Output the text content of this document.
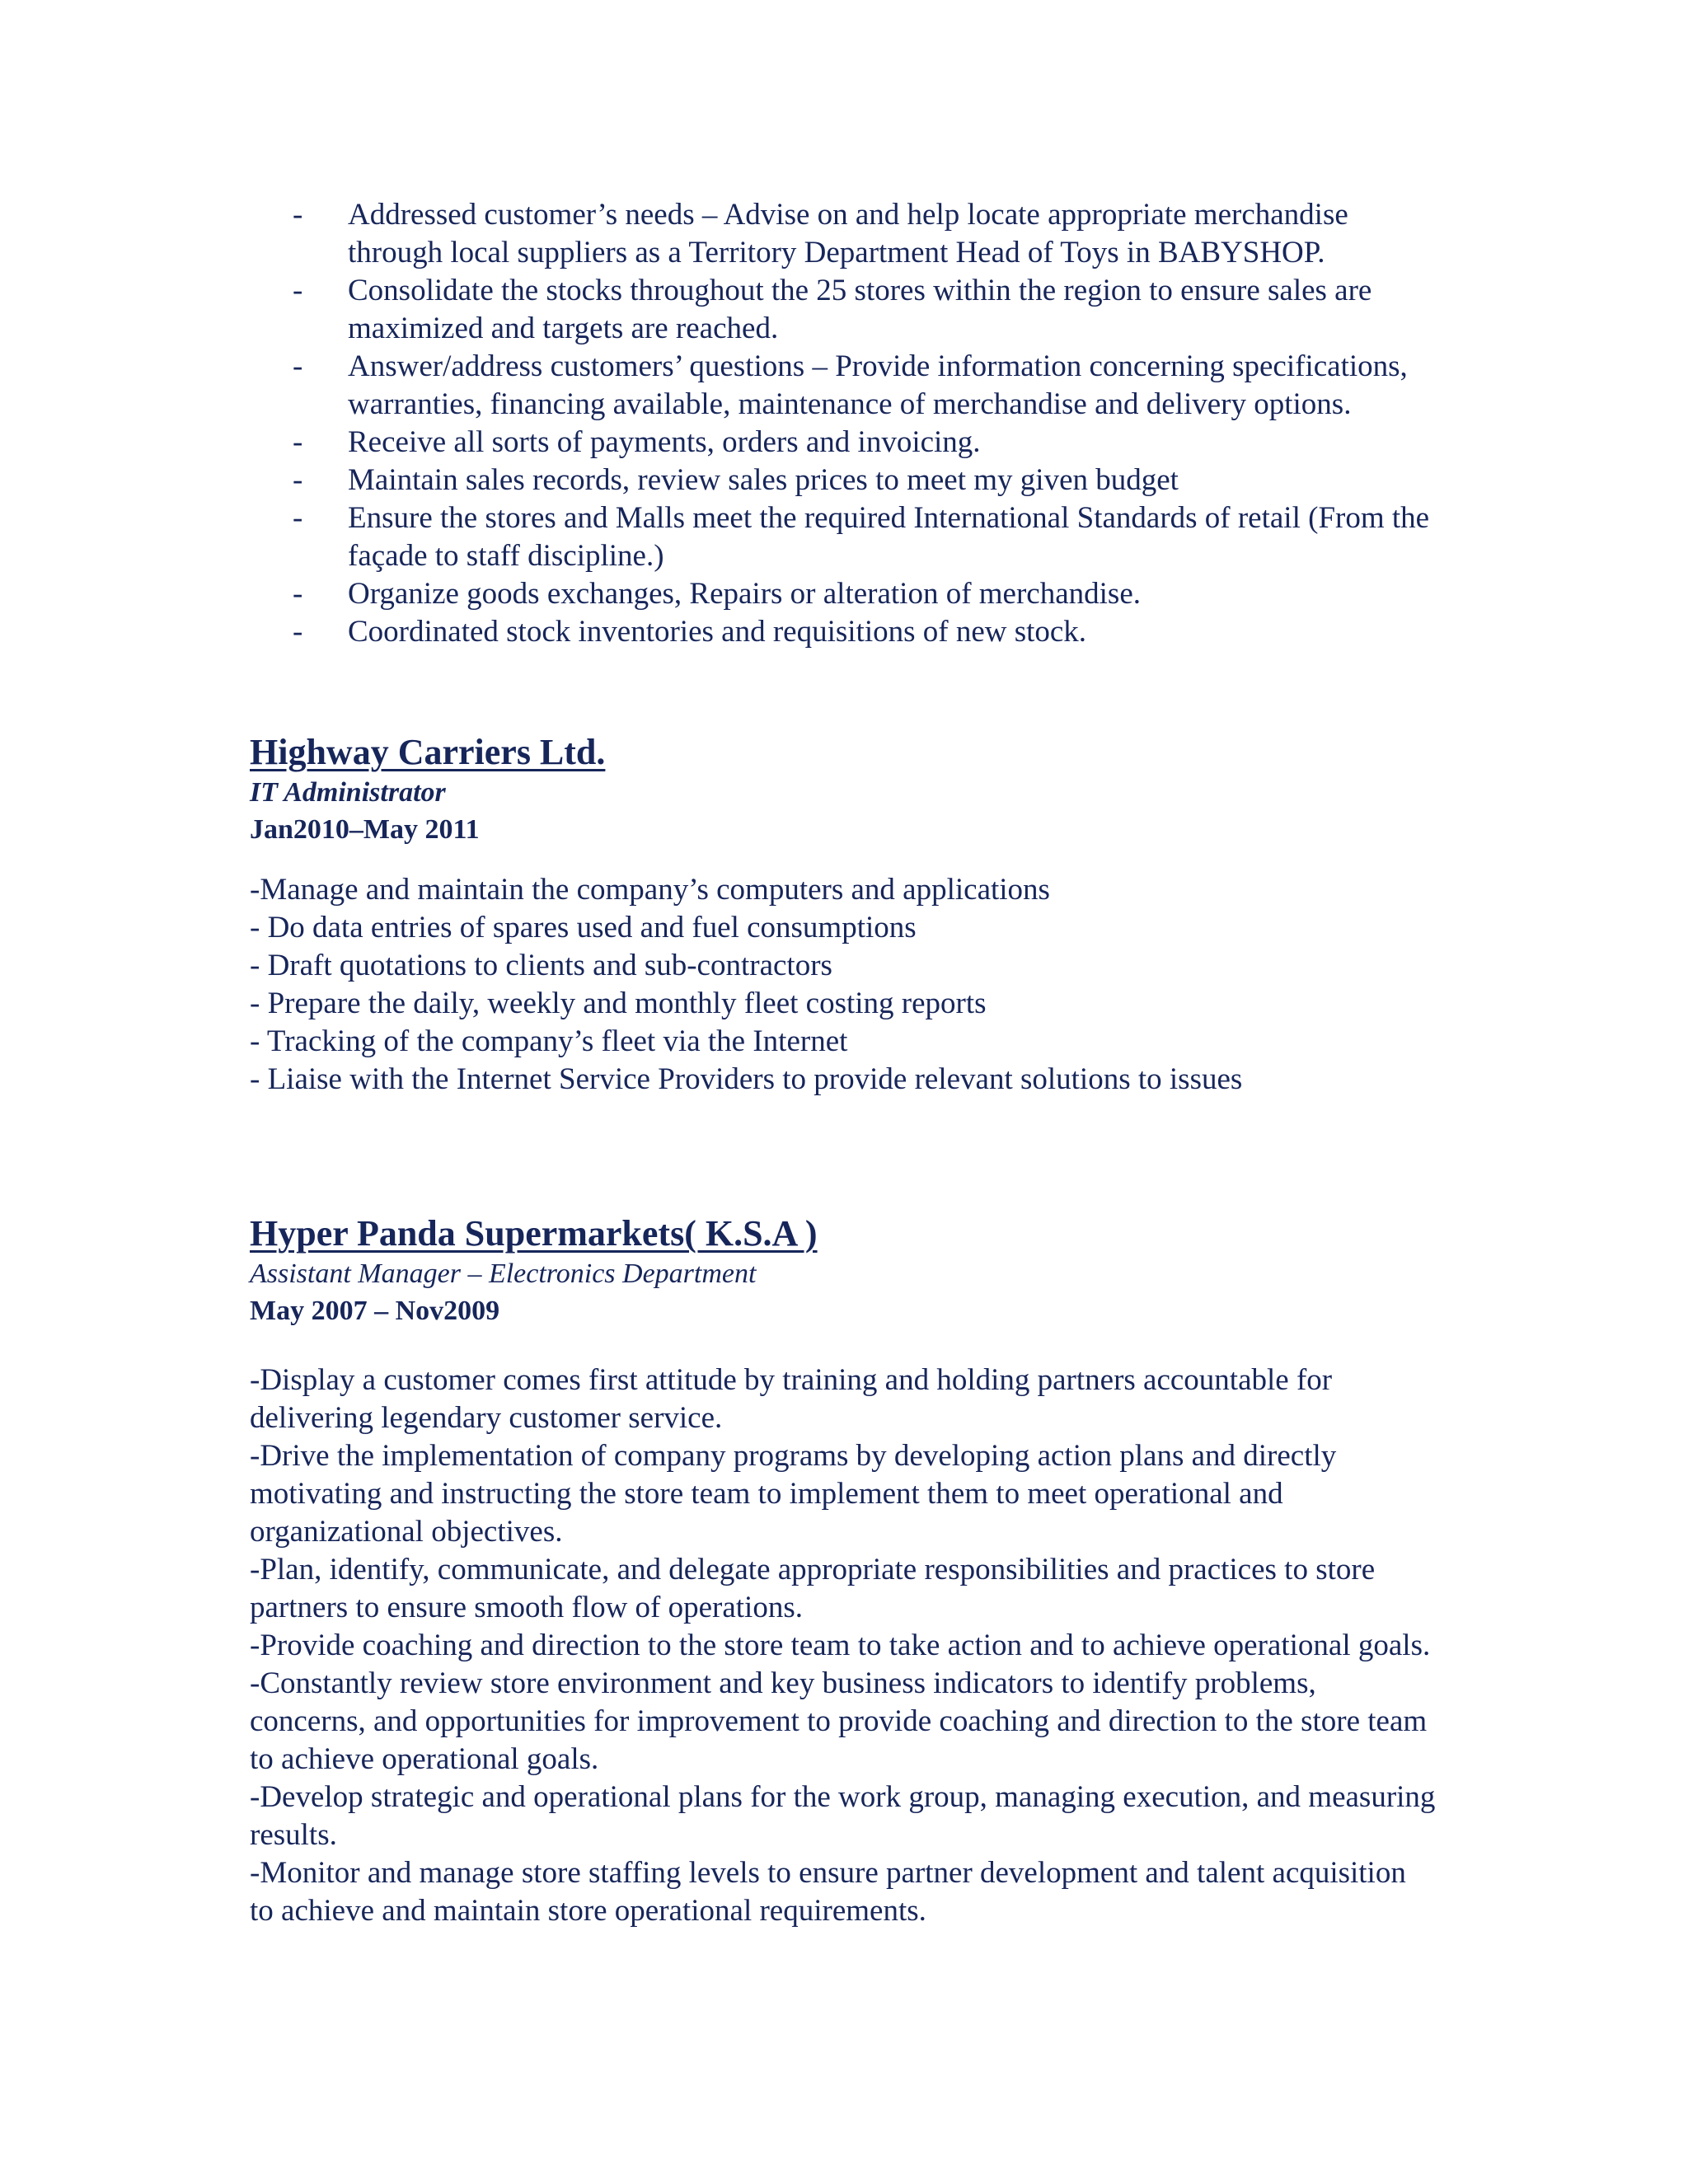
- Addressed customer’s needs – Advise on and help locate appropriate merchandise through local suppliers as a Territory Department Head of Toys in BABYSHOP.
- Consolidate the stocks throughout the 25 stores within the region to ensure sales are maximized and targets are reached.
- Answer/address customers’ questions – Provide information concerning specifications, warranties, financing available, maintenance of merchandise and delivery options.
- Receive all sorts of payments, orders and invoicing.
- Maintain sales records, review sales prices to meet my given budget
- Ensure the stores and Malls meet the required International Standards of retail (From the façade to staff discipline.)
- Organize goods exchanges, Repairs or alteration of merchandise.
- Coordinated stock inventories and requisitions of new stock.
Highway Carriers Ltd.

IT Administrator

Jan2010–May 2011

-Manage and maintain the company’s computers and applications
- Do data entries of spares used and fuel consumptions
- Draft quotations to clients and sub-contractors
- Prepare the daily, weekly and monthly fleet costing reports
- Tracking of the company’s fleet via the Internet
- Liaise with the Internet Service Providers to provide relevant solutions to issues
Hyper Panda Supermarkets( K.S.A )

Assistant Manager – Electronics Department

May 2007 – Nov2009

-Display a customer comes first attitude by training and holding partners accountable for delivering legendary customer service.
-Drive the implementation of company programs by developing action plans and directly motivating and instructing the store team to implement them to meet operational and organizational objectives.
-Plan, identify, communicate, and delegate appropriate responsibilities and practices to store partners to ensure smooth flow of operations.
-Provide coaching and direction to the store team to take action and to achieve operational goals.
-Constantly review store environment and key business indicators to identify problems, concerns, and opportunities for improvement to provide coaching and direction to the store team to achieve operational goals.
-Develop strategic and operational plans for the work group, managing execution, and measuring results.
-Monitor and manage store staffing levels to ensure partner development and talent acquisition to achieve and maintain store operational requirements.
